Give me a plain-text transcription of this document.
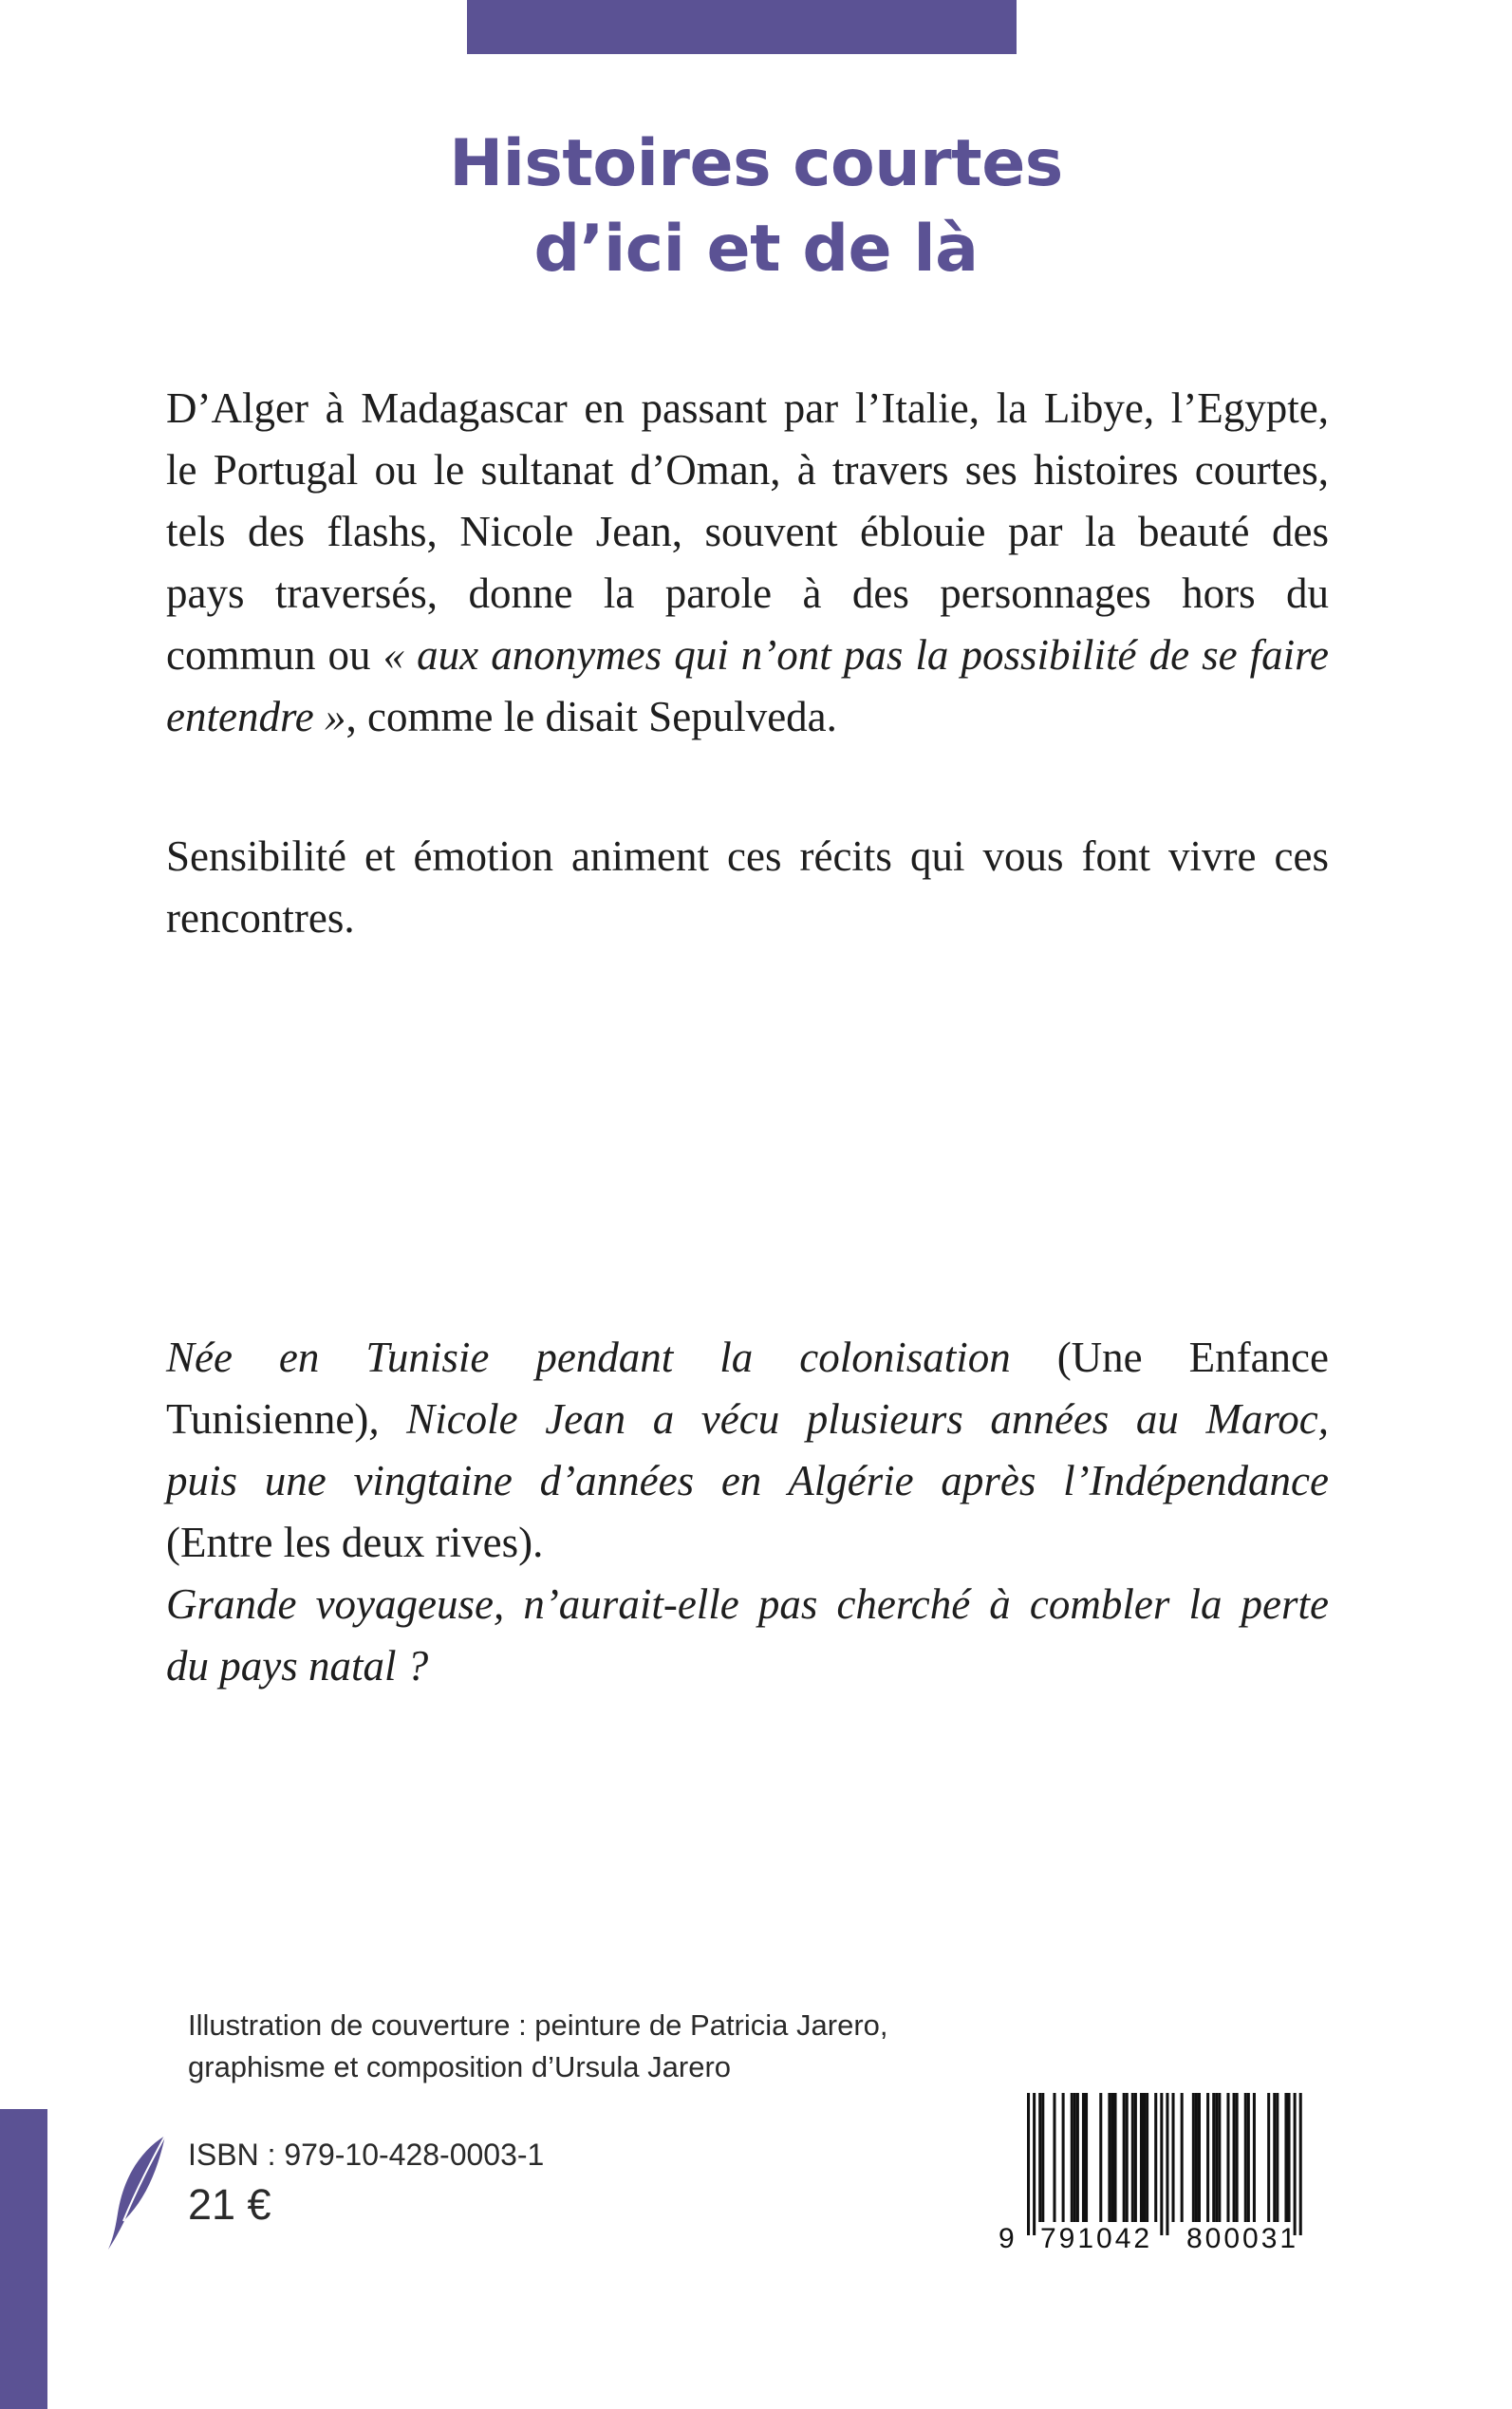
Histoires courtes
d’ici et de là
D’Alger à Madagascar en passant par l’Italie, la Libye, l’Egypte,
le Portugal ou le sultanat d’Oman, à travers ses histoires courtes,
tels des flashs, Nicole Jean, souvent éblouie par la beauté des
pays traversés, donne la parole à des personnages hors du
commun ou « aux anonymes qui n’ont pas la possibilité de se faire
entendre », comme le disait Sepulveda.
Sensibilité et émotion animent ces récits qui vous font vivre ces
rencontres.
Née en Tunisie pendant la colonisation (Une Enfance
Tunisienne), Nicole Jean a vécu plusieurs années au Maroc,
puis une vingtaine d’années en Algérie après l’Indépendance
(Entre les deux rives).
Grande voyageuse, n’aurait-elle pas cherché à combler la perte
du pays natal ?
Illustration de couverture : peinture de Patricia Jarero,
graphisme et composition d’Ursula Jarero
ISBN : 979-10-428-0003-1
21 €
9 791042 800031
